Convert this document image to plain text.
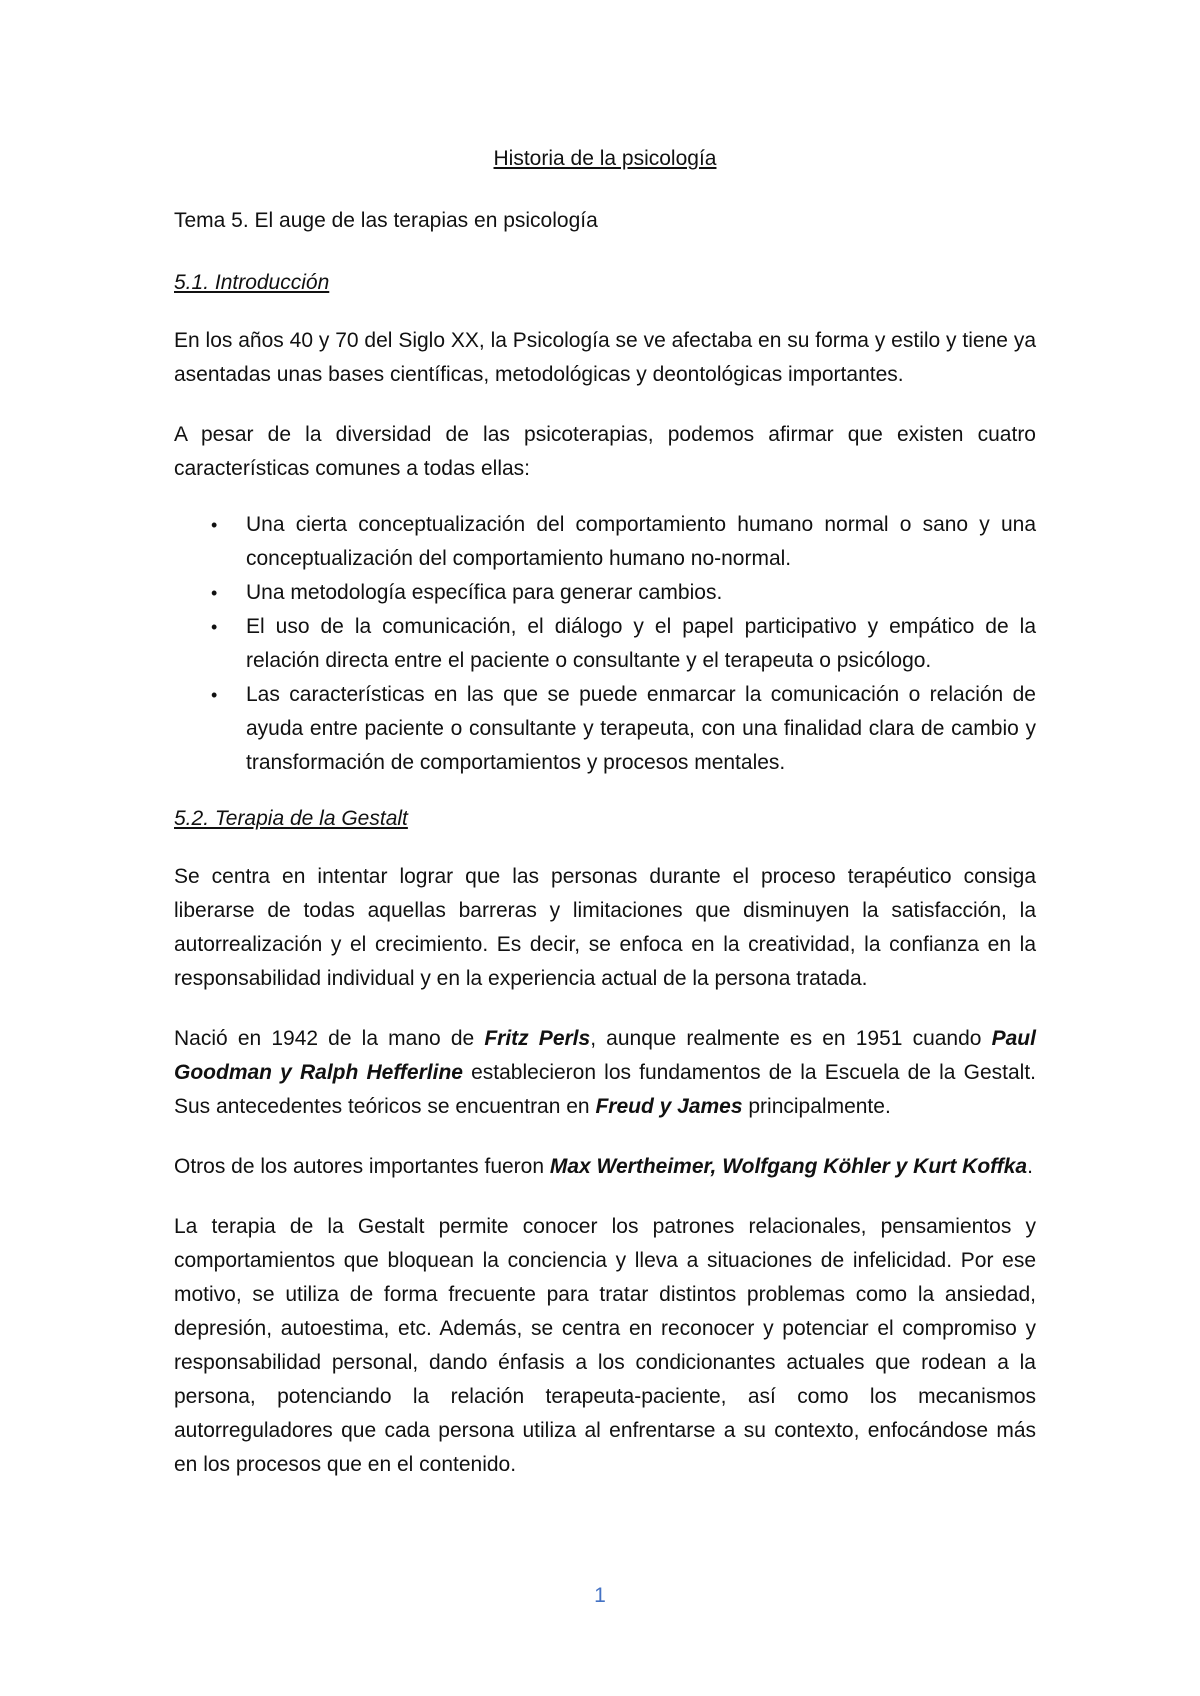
Historia de la psicología
Tema 5. El auge de las terapias en psicología
5.1. Introducción

En los años 40 y 70 del Siglo XX, la Psicología se ve afectaba en su forma y estilo y tiene ya asentadas unas bases científicas, metodológicas y deontológicas importantes.

A pesar de la diversidad de las psicoterapias, podemos afirmar que existen cuatro características comunes a todas ellas:

• Una cierta conceptualización del comportamiento humano normal o sano y una conceptualización del comportamiento humano no-normal.
• Una metodología específica para generar cambios.
• El uso de la comunicación, el diálogo y el papel participativo y empático de la relación directa entre el paciente o consultante y el terapeuta o psicólogo.
• Las características en las que se puede enmarcar la comunicación o relación de ayuda entre paciente o consultante y terapeuta, con una finalidad clara de cambio y transformación de comportamientos y procesos mentales.
5.2. Terapia de la Gestalt

Se centra en intentar lograr que las personas durante el proceso terapéutico consiga liberarse de todas aquellas barreras y limitaciones que disminuyen la satisfacción, la autorrealización y el crecimiento. Es decir, se enfoca en la creatividad, la confianza en la responsabilidad individual y en la experiencia actual de la persona tratada.

Nació en 1942 de la mano de Fritz Perls, aunque realmente es en 1951 cuando Paul Goodman y Ralph Hefferline establecieron los fundamentos de la Escuela de la Gestalt. Sus antecedentes teóricos se encuentran en Freud y James principalmente.

Otros de los autores importantes fueron Max Wertheimer, Wolfgang Köhler y Kurt Koffka.

La terapia de la Gestalt permite conocer los patrones relacionales, pensamientos y comportamientos que bloquean la conciencia y lleva a situaciones de infelicidad. Por ese motivo, se utiliza de forma frecuente para tratar distintos problemas como la ansiedad, depresión, autoestima, etc. Además, se centra en reconocer y potenciar el compromiso y responsabilidad personal, dando énfasis a los condicionantes actuales que rodean a la persona, potenciando la relación terapeuta-paciente, así como los mecanismos autorreguladores que cada persona utiliza al enfrentarse a su contexto, enfocándose más en los procesos que en el contenido.

1
